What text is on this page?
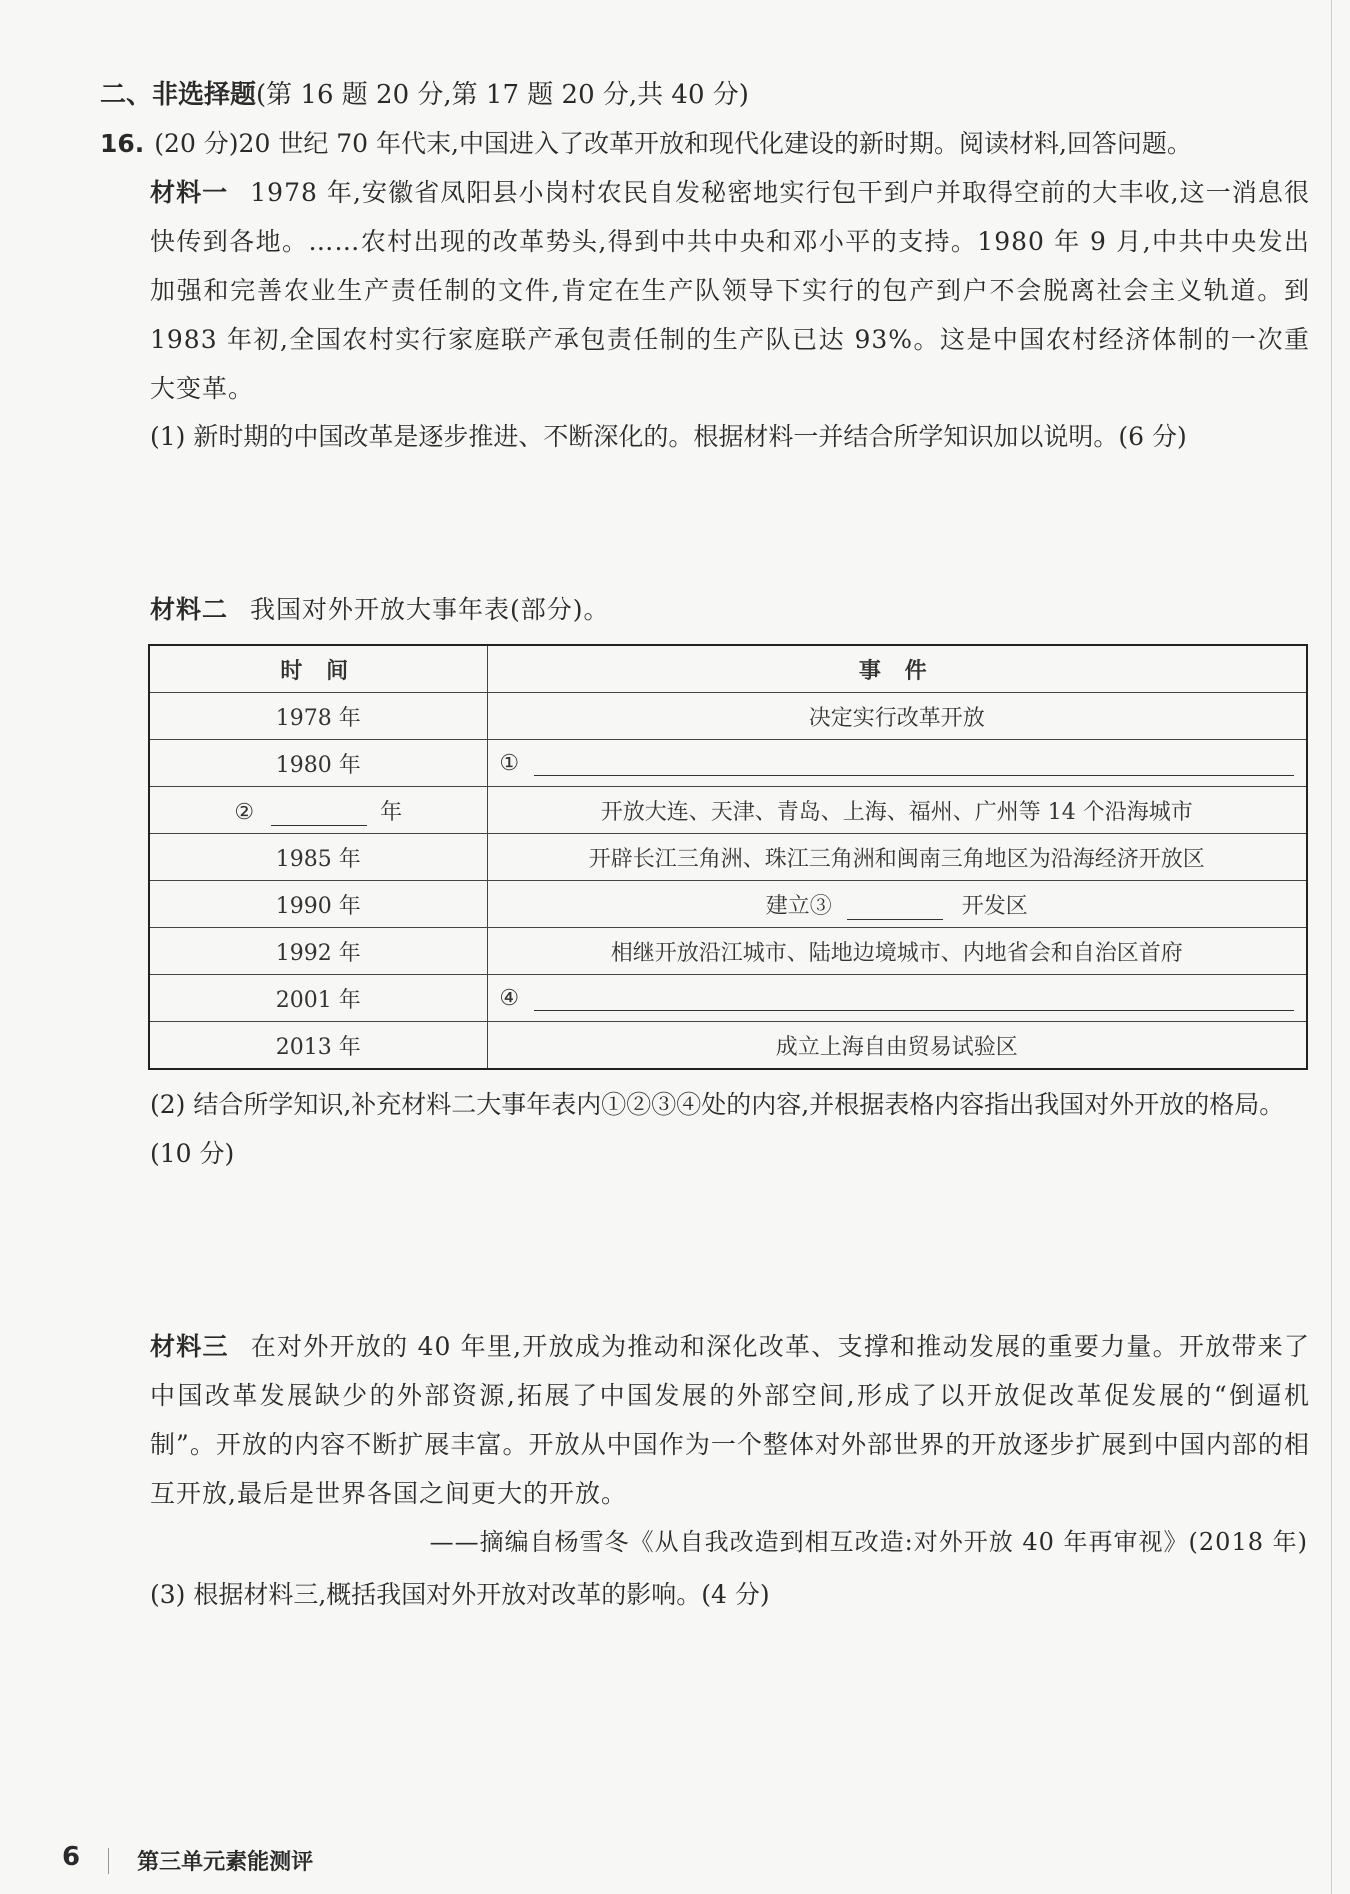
二、非选择题(第 16 题 20 分,第 17 题 20 分,共 40 分)
16. (20 分)20 世纪 70 年代末,中国进入了改革开放和现代化建设的新时期。阅读材料,回答问题。
材料一 1978 年,安徽省凤阳县小岗村农民自发秘密地实行包干到户并取得空前的大丰收,这一消息很快传到各地。……农村出现的改革势头,得到中共中央和邓小平的支持。1980 年 9 月,中共中央发出加强和完善农业生产责任制的文件,肯定在生产队领导下实行的包产到户不会脱离社会主义轨道。到 1983 年初,全国农村实行家庭联产承包责任制的生产队已达 93%。这是中国农村经济体制的一次重大变革。
(1) 新时期的中国改革是逐步推进、不断深化的。根据材料一并结合所学知识加以说明。(6 分)
材料二 我国对外开放大事年表(部分)。
时 间	事 件
1978 年	决定实行改革开放
1980 年	①
② 年	开放大连、天津、青岛、上海、福州、广州等 14 个沿海城市
1985 年	开辟长江三角洲、珠江三角洲和闽南三角地区为沿海经济开放区
1990 年	建立③ 开发区
1992 年	相继开放沿江城市、陆地边境城市、内地省会和自治区首府
2001 年	④
2013 年	成立上海自由贸易试验区
(2) 结合所学知识,补充材料二大事年表内①②③④处的内容,并根据表格内容指出我国对外开放的格局。(10 分)
材料三 在对外开放的 40 年里,开放成为推动和深化改革、支撑和推动发展的重要力量。开放带来了中国改革发展缺少的外部资源,拓展了中国发展的外部空间,形成了以开放促改革促发展的“倒逼机制”。开放的内容不断扩展丰富。开放从中国作为一个整体对外部世界的开放逐步扩展到中国内部的相互开放,最后是世界各国之间更大的开放。
——摘编自杨雪冬《从自我改造到相互改造:对外开放 40 年再审视》(2018 年)
(3) 根据材料三,概括我国对外开放对改革的影响。(4 分)
6	第三单元素能测评
